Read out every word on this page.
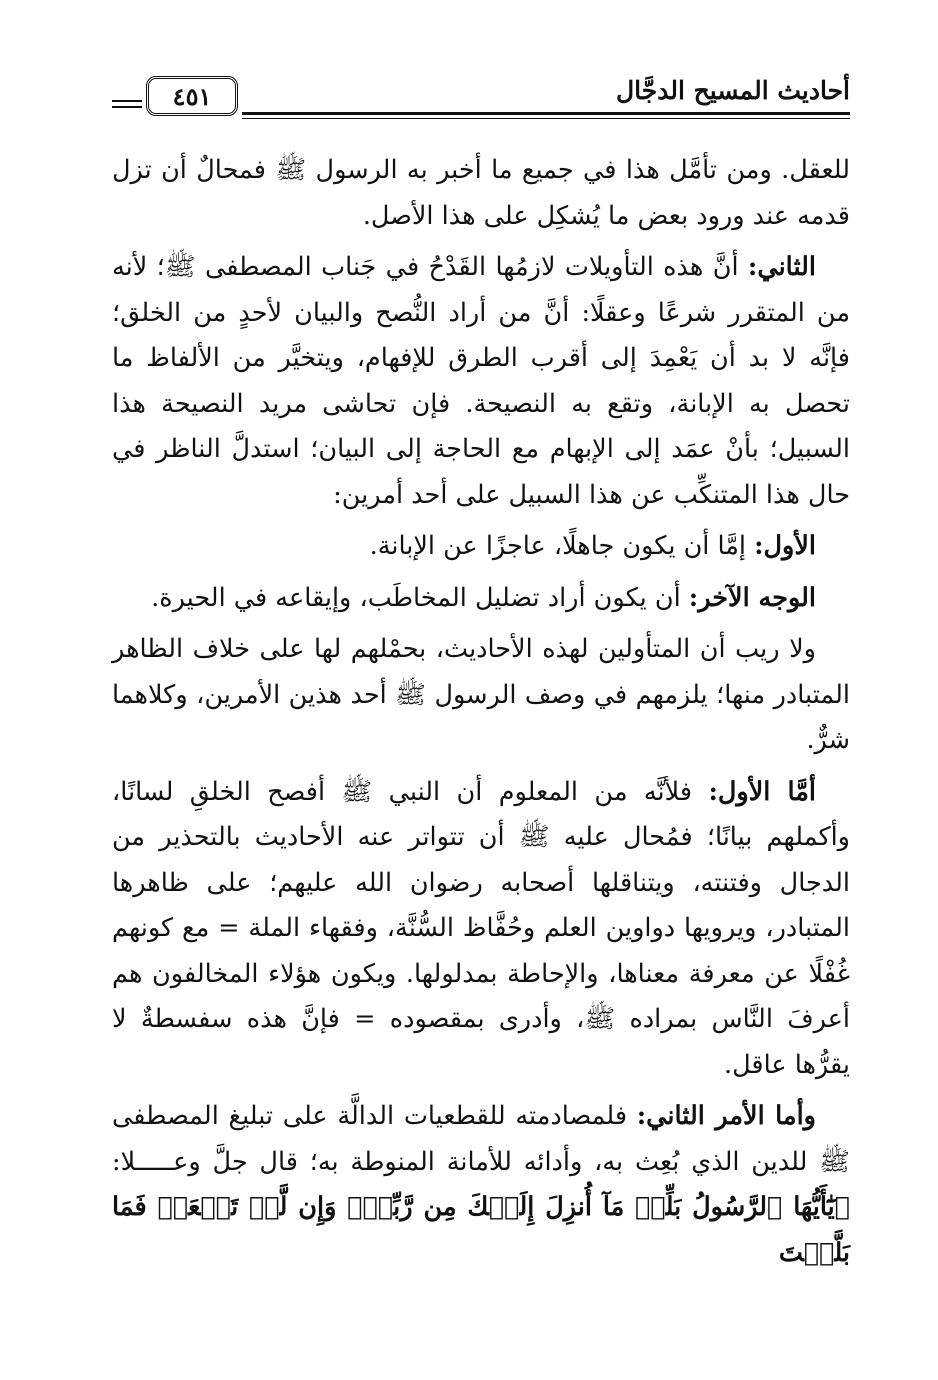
أحاديث المسيح الدجَّال
٤٥١

للعقل. ومن تأمَّل هذا في جميع ما أخبر به الرسول ﷺ فمحالٌ أن تزل قدمه عند ورود بعض ما يُشكِل على هذا الأصل.

الثاني: أنَّ هذه التأويلات لازمُها القَدْحُ في جَناب المصطفى ﷺ؛ لأنه من المتقرر شرعًا وعقلًا: أنَّ من أراد النُّصح والبيان لأحدٍ من الخلق؛ فإنَّه لا بد أن يَعْمِدَ إلى أقرب الطرق للإفهام، ويتخيَّر من الألفاظ ما تحصل به الإبانة، وتقع به النصيحة. فإن تحاشى مريد النصيحة هذا السبيل؛ بأنْ عمَد إلى الإبهام مع الحاجة إلى البيان؛ استدلَّ الناظر في حال هذا المتنكِّب عن هذا السبيل على أحد أمرين:

الأول: إمَّا أن يكون جاهلًا، عاجزًا عن الإبانة.

الوجه الآخر: أن يكون أراد تضليل المخاطَب، وإيقاعه في الحيرة.

ولا ريب أن المتأولين لهذه الأحاديث، بحمْلهم لها على خلاف الظاهر المتبادر منها؛ يلزمهم في وصف الرسول ﷺ أحد هذين الأمرين، وكلاهما شرٌّ.

أمَّا الأول: فلأنَّه من المعلوم أن النبي ﷺ أفصح الخلقِ لسانًا، وأكملهم بيانًا؛ فمُحال عليه ﷺ أن تتواتر عنه الأحاديث بالتحذير من الدجال وفتنته، ويتناقلها أصحابه رضوان الله عليهم؛ على ظاهرها المتبادر، ويرويها دواوين العلم وحُفَّاظ السُّنَّة، وفقهاء الملة = مع كونهم غُفْلًا عن معرفة معناها، والإحاطة بمدلولها. ويكون هؤلاء المخالفون هم أعرفَ النَّاس بمراده ﷺ، وأدرى بمقصوده = فإنَّ هذه سفسطةٌ لا يقرُّها عاقل.

وأما الأمر الثاني: فلمصادمته للقطعيات الدالَّة على تبليغ المصطفى ﷺ للدين الذي بُعِث به، وأدائه للأمانة المنوطة به؛ قال جلَّ وعـــــلا: ﴿يَٰٓأَيُّهَا ٱلرَّسُولُ بَلِّغۡ مَآ أُنزِلَ إِلَيۡكَ مِن رَّبِّكَۖ وَإِن لَّمۡ تَفۡعَلۡ فَمَا بَلَّغۡتَ
